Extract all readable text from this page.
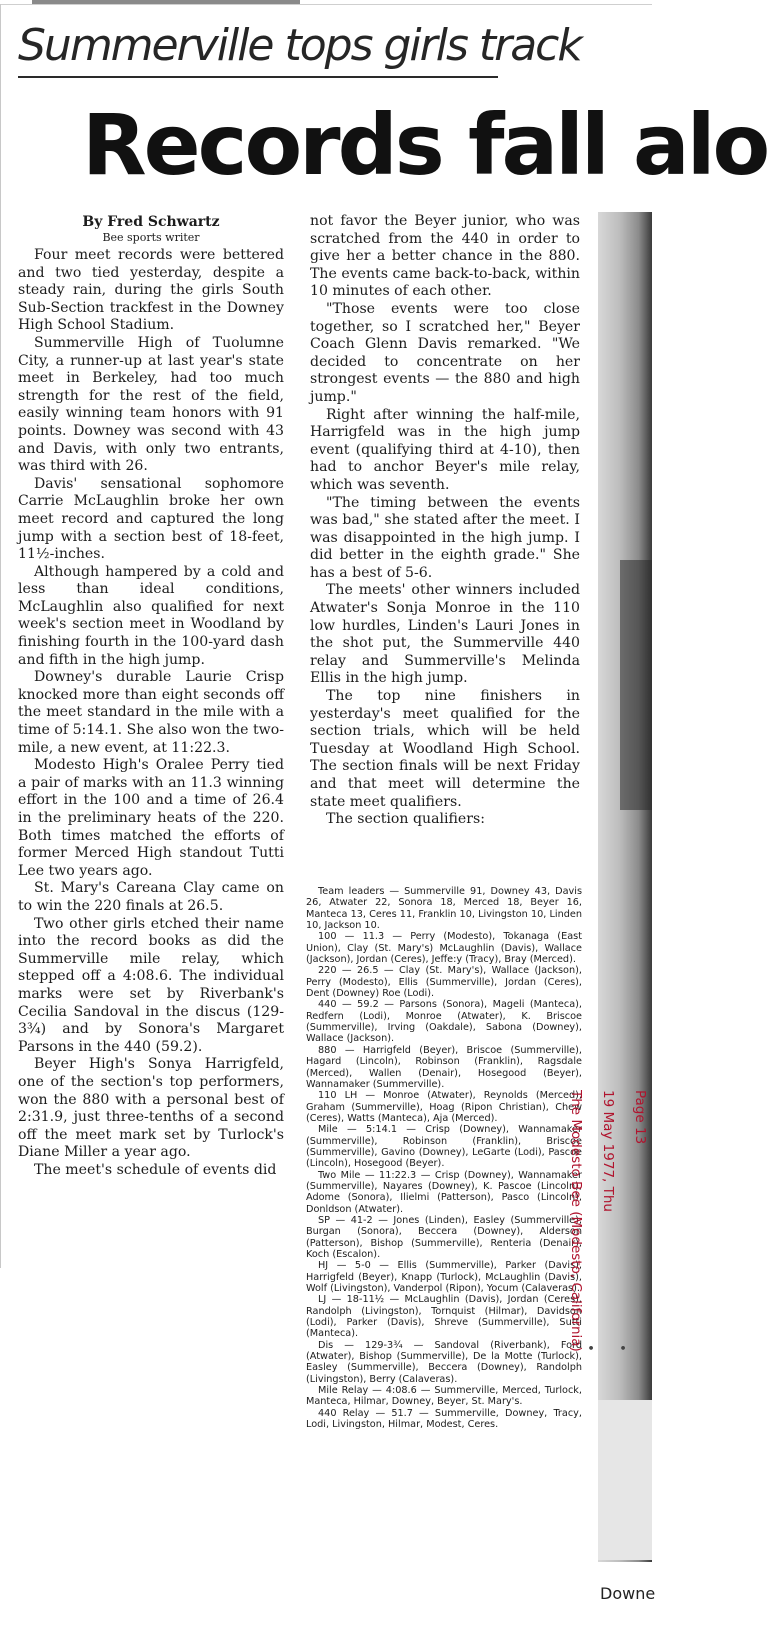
Summerville tops girls track
Records fall alo
By Fred Schwartz
Bee sports writer

Four meet records were bettered and two tied yesterday, despite a steady rain, during the girls South Sub-Section trackfest in the Downey High School Stadium.

Summerville High of Tuolumne City, a runner-up at last year's state meet in Berkeley, had too much strength for the rest of the field, easily winning team honors with 91 points. Downey was second with 43 and Davis, with only two entrants, was third with 26.

Davis' sensational sophomore Carrie McLaughlin broke her own meet record and captured the long jump with a section best of 18-feet, 11½-inches.

Although hampered by a cold and less than ideal conditions, McLaughlin also qualified for next week's section meet in Woodland by finishing fourth in the 100-yard dash and fifth in the high jump.

Downey's durable Laurie Crisp knocked more than eight seconds off the meet standard in the mile with a time of 5:14.1. She also won the two-mile, a new event, at 11:22.3.

Modesto High's Oralee Perry tied a pair of marks with an 11.3 winning effort in the 100 and a time of 26.4 in the preliminary heats of the 220. Both times matched the efforts of former Merced High standout Tutti Lee two years ago.

St. Mary's Careana Clay came on to win the 220 finals at 26.5.

Two other girls etched their name into the record books as did the Summerville mile relay, which stepped off a 4:08.6. The individual marks were set by Riverbank's Cecilia Sandoval in the discus (129-3¾) and by Sonora's Margaret Parsons in the 440 (59.2).

Beyer High's Sonya Harrigfeld, one of the section's top performers, won the 880 with a personal best of 2:31.9, just three-tenths of a second off the meet mark set by Turlock's Diane Miller a year ago.

The meet's schedule of events did

not favor the Beyer junior, who was scratched from the 440 in order to give her a better chance in the 880. The events came back-to-back, within 10 minutes of each other.

"Those events were too close together, so I scratched her," Beyer Coach Glenn Davis remarked. "We decided to concentrate on her strongest events — the 880 and high jump."

Right after winning the half-mile, Harrigfeld was in the high jump event (qualifying third at 4-10), then had to anchor Beyer's mile relay, which was seventh.

"The timing between the events was bad," she stated after the meet. I was disappointed in the high jump. I did better in the eighth grade." She has a best of 5-6.

The meets' other winners included Atwater's Sonja Monroe in the 110 low hurdles, Linden's Lauri Jones in the shot put, the Summerville 440 relay and Summerville's Melinda Ellis in the high jump.

The top nine finishers in yesterday's meet qualified for the section trials, which will be held Tuesday at Woodland High School. The section finals will be next Friday and that meet will determine the state meet qualifiers.

The section qualifiers:

Team leaders — Summerville 91, Downey 43, Davis 26, Atwater 22, Sonora 18, Merced 18, Beyer 16, Manteca 13, Ceres 11, Franklin 10, Livingston 10, Linden 10, Jackson 10.

100 — 11.3 — Perry (Modesto), Tokanaga (East Union), Clay (St. Mary's) McLaughlin (Davis), Wallace (Jackson), Jordan (Ceres), Jeffe:y (Tracy), Bray (Merced).

220 — 26.5 — Clay (St. Mary's), Wallace (Jackson), Perry (Modesto), Ellis (Summerville), Jordan (Ceres), Dent (Downey) Roe (Lodi).

440 — 59.2 — Parsons (Sonora), Mageli (Manteca), Redfern (Lodi), Monroe (Atwater), K. Briscoe (Summerville), Irving (Oakdale), Sabona (Downey), Wallace (Jackson).

880 — Harrigfeld (Beyer), Briscoe (Summerville), Hagard (Lincoln), Robinson (Franklin), Ragsdale (Merced), Wallen (Denair), Hosegood (Beyer), Wannamaker (Summerville).

110 LH — Monroe (Atwater), Reynolds (Merced), Graham (Summerville), Hoag (Ripon Christian), Chew (Ceres), Watts (Manteca), Aja (Merced).

Mile — 5:14.1 — Crisp (Downey), Wannamaker (Summerville), Robinson (Franklin), Briscoe (Summerville), Gavino (Downey), LeGarte (Lodi), Pascoe (Lincoln), Hosegood (Beyer).

Two Mile — 11:22.3 — Crisp (Downey), Wannamaker (Summerville), Nayares (Downey), K. Pascoe (Lincoln), Adome (Sonora), Ilielmi (Patterson), Pasco (Lincoln), Donldson (Atwater).

SP — 41-2 — Jones (Linden), Easley (Summerville), Burgan (Sonora), Beccera (Downey), Alderson (Patterson), Bishop (Summerville), Renteria (Denair), Koch (Escalon).

HJ — 5-0 — Ellis (Summerville), Parker (Davis), Harrigfeld (Beyer), Knapp (Turlock), McLaughlin (Davis), Wolf (Livingston), Vanderpol (Ripon), Yocum (Calaveras).

LJ — 18-11½ — McLaughlin (Davis), Jordan (Ceres), Randolph (Livingston), Tornquist (Hilmar), Davidson (Lodi), Parker (Davis), Shreve (Summerville), Sutti (Manteca).

Dis — 129-3¾ — Sandoval (Riverbank), Ford (Atwater), Bishop (Summerville), De la Motte (Turlock), Easley (Summerville), Beccera (Downey), Randolph (Livingston), Berry (Calaveras).

Mile Relay — 4:08.6 — Summerville, Merced, Turlock, Manteca, Hilmar, Downey, Beyer, St. Mary's.

440 Relay — 51.7 — Summerville, Downey, Tracy, Lodi, Livingston, Hilmar, Modest, Ceres.

The Modesto Bee (Modesto, California) •
19 May 1977, Thu
•
Page 13
Downe
